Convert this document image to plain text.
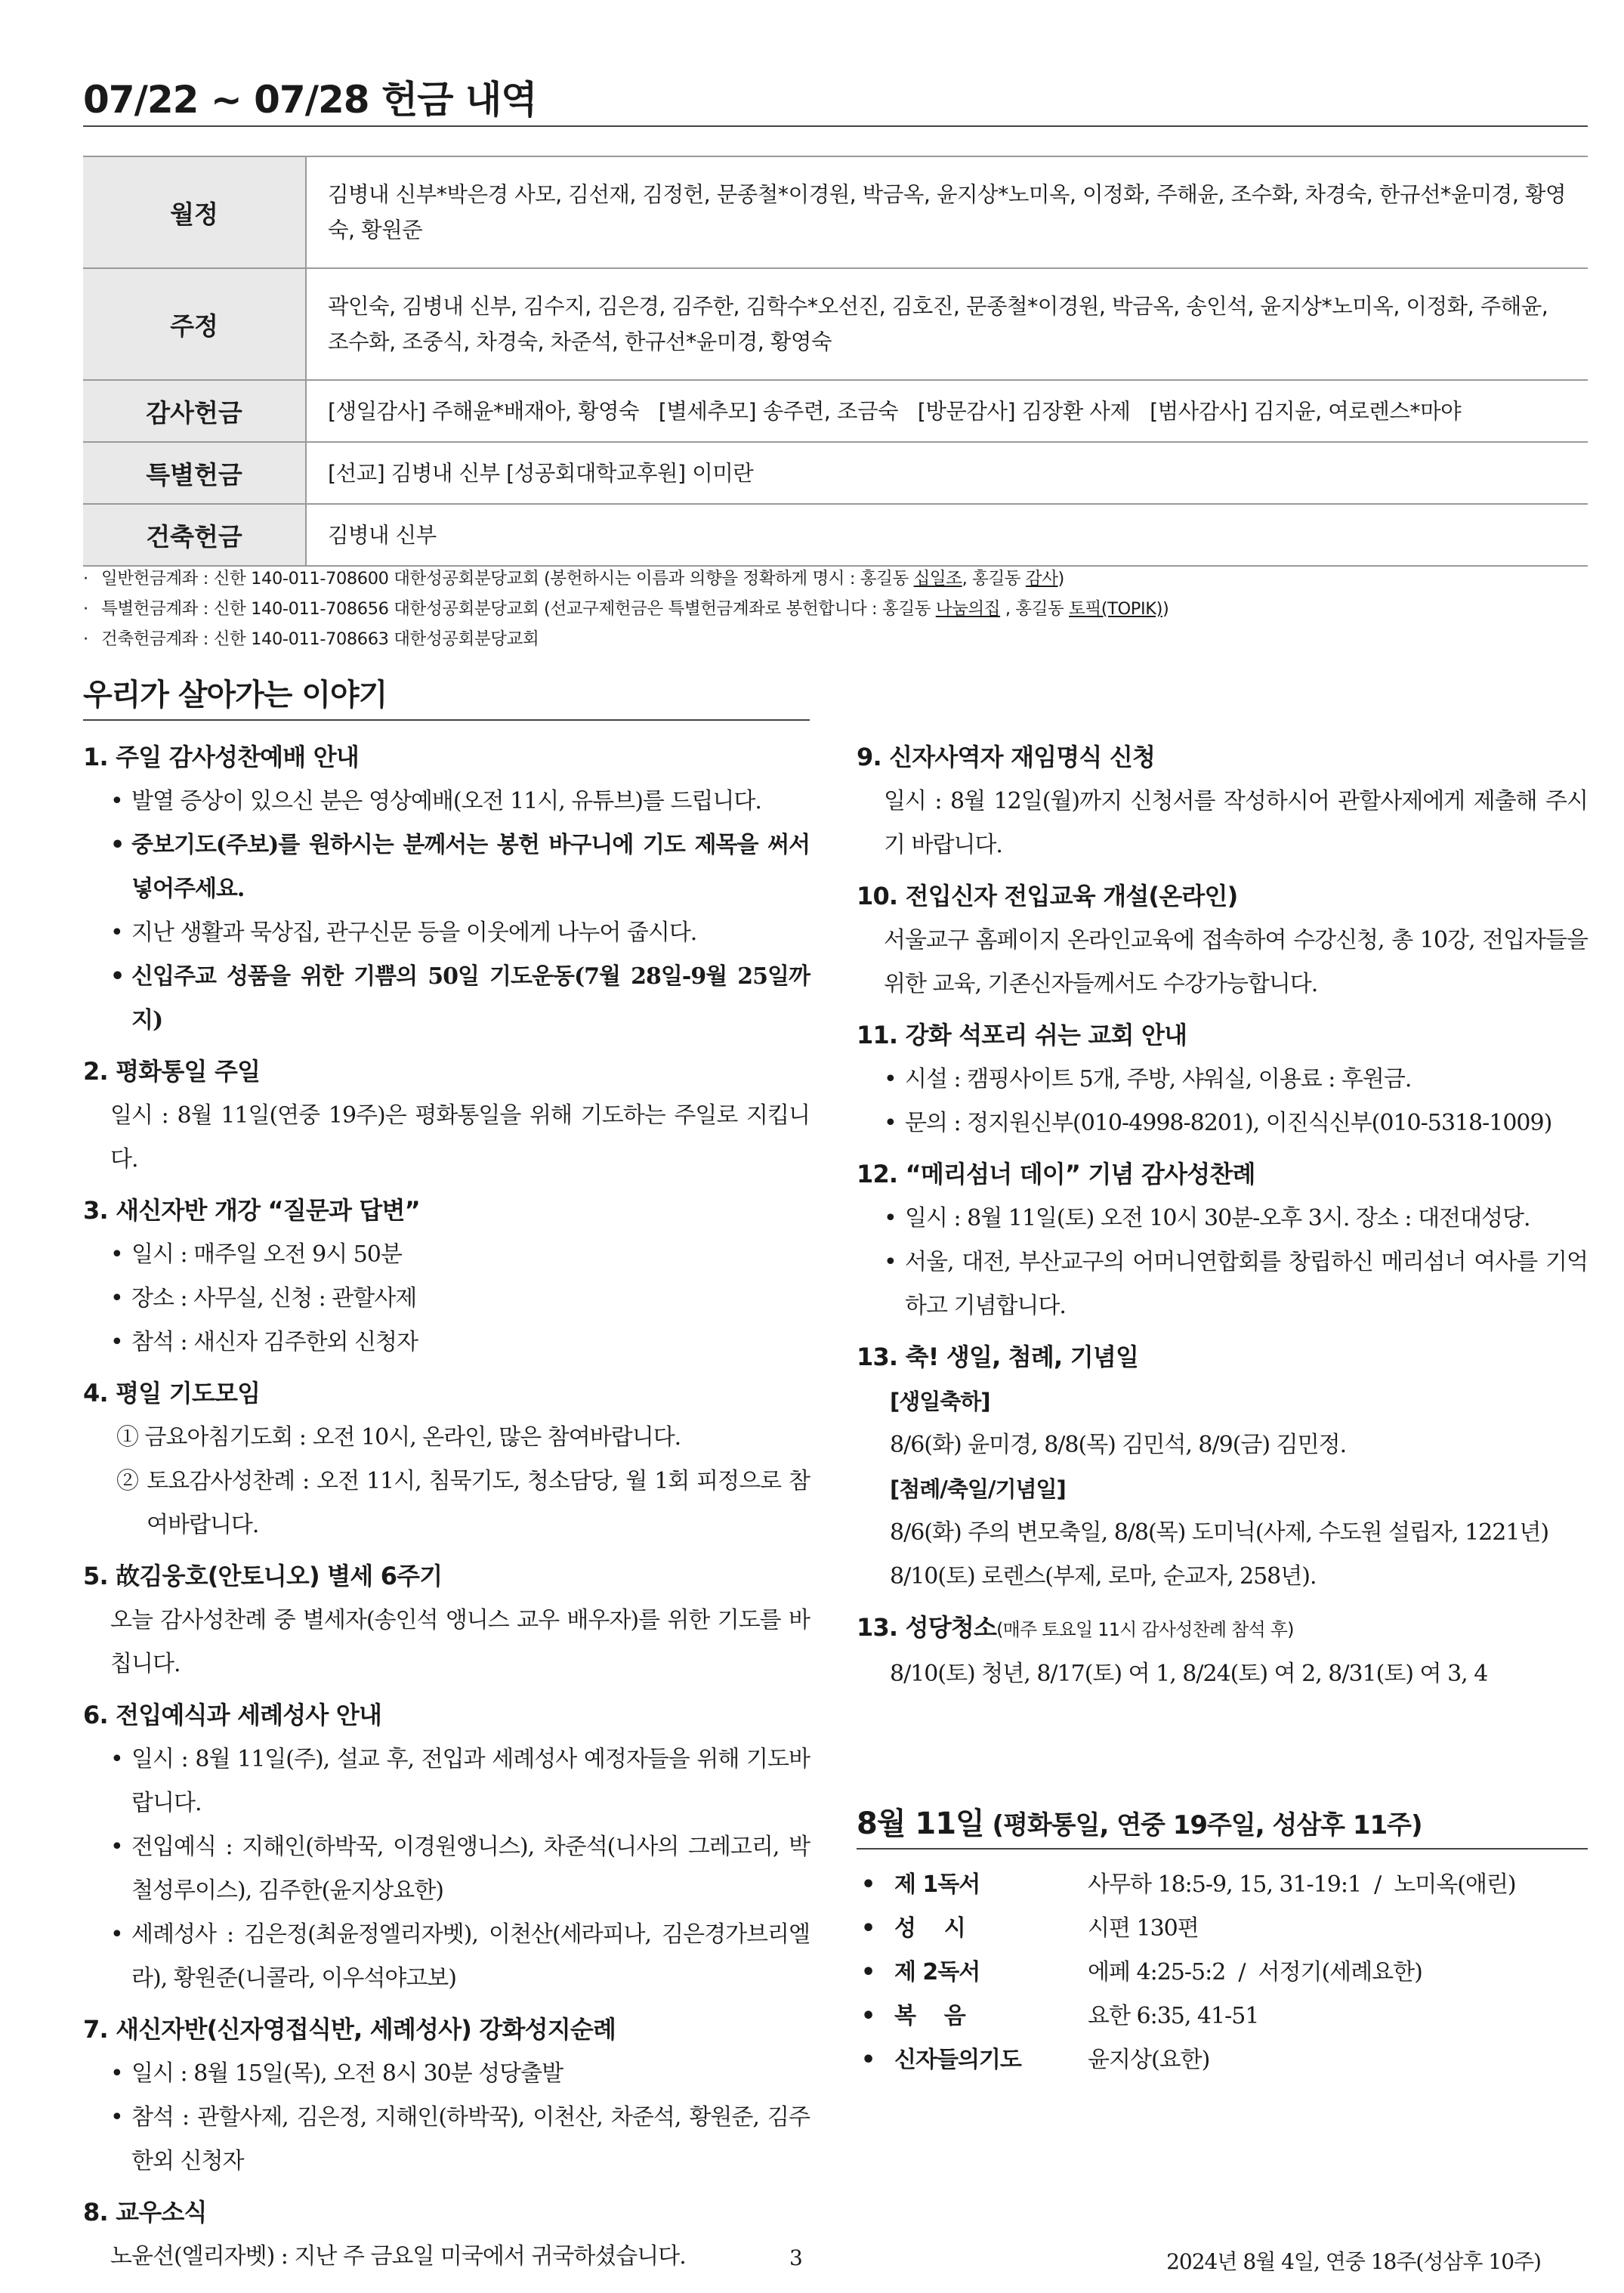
07/22 ~ 07/28 헌금 내역
월정	김병내 신부*박은경 사모, 김선재, 김정헌, 문종철*이경원, 박금옥, 윤지상*노미옥, 이정화, 주해윤, 조수화, 차경숙, 한규선*윤미경, 황영숙, 황원준
주정	곽인숙, 김병내 신부, 김수지, 김은경, 김주한, 김학수*오선진, 김호진, 문종철*이경원, 박금옥, 송인석, 윤지상*노미옥, 이정화, 주해윤, 조수화, 조중식, 차경숙, 차준석, 한규선*윤미경, 황영숙
감사헌금	[생일감사] 주해윤*배재아, 황영숙 [별세추모] 송주련, 조금숙 [방문감사] 김장환 사제 [범사감사] 김지윤, 여로렌스*마야
특별헌금	[선교] 김병내 신부 [성공회대학교후원] 이미란
건축헌금	김병내 신부
· 일반헌금계좌 : 신한 140-011-708600 대한성공회분당교회 (봉헌하시는 이름과 의향을 정확하게 명시 : 홍길동 십일조, 홍길동 감사)
· 특별헌금계좌 : 신한 140-011-708656 대한성공회분당교회 (선교구제헌금은 특별헌금계좌로 봉헌합니다 : 홍길동 나눔의집 , 홍길동 토픽(TOPIK))
· 건축헌금계좌 : 신한 140-011-708663 대한성공회분당교회
우리가 살아가는 이야기
1. 주일 감사성찬예배 안내

• 발열 증상이 있으신 분은 영상예배(오전 11시, 유튜브)를 드립니다.

• 중보기도(주보)를 원하시는 분께서는 봉헌 바구니에 기도 제목을 써서 넣어주세요.

• 지난 생활과 묵상집, 관구신문 등을 이웃에게 나누어 줍시다.

• 신입주교 성품을 위한 기쁨의 50일 기도운동(7월 28일-9월 25일까지)

2. 평화통일 주일

일시 : 8월 11일(연중 19주)은 평화통일을 위해 기도하는 주일로 지킵니다.

3. 새신자반 개강 “질문과 답변”

• 일시 : 매주일 오전 9시 50분

• 장소 : 사무실, 신청 : 관할사제

• 참석 : 새신자 김주한외 신청자

4. 평일 기도모임

① 금요아침기도회 : 오전 10시, 온라인, 많은 참여바랍니다.

② 토요감사성찬례 : 오전 11시, 침묵기도, 청소담당, 월 1회 피정으로 참여바랍니다.

5. 故김웅호(안토니오) 별세 6주기

오늘 감사성찬례 중 별세자(송인석 앵니스 교우 배우자)를 위한 기도를 바칩니다.

6. 전입예식과 세례성사 안내

• 일시 : 8월 11일(주), 설교 후, 전입과 세례성사 예정자들을 위해 기도바랍니다.

• 전입예식 : 지해인(하박꾹, 이경원앵니스), 차준석(니사의 그레고리, 박철성루이스), 김주한(윤지상요한)

• 세례성사 : 김은정(최윤정엘리자벳), 이천산(세라피나, 김은경가브리엘라), 황원준(니콜라, 이우석야고보)

7. 새신자반(신자영접식반, 세례성사) 강화성지순례

• 일시 : 8월 15일(목), 오전 8시 30분 성당출발

• 참석 : 관할사제, 김은정, 지해인(하박꾹), 이천산, 차준석, 황원준, 김주한외 신청자

8. 교우소식

노윤선(엘리자벳) : 지난 주 금요일 미국에서 귀국하셨습니다.

9. 신자사역자 재임명식 신청

일시 : 8월 12일(월)까지 신청서를 작성하시어 관할사제에게 제출해 주시기 바랍니다.

10. 전입신자 전입교육 개설(온라인)

서울교구 홈페이지 온라인교육에 접속하여 수강신청, 총 10강, 전입자들을 위한 교육, 기존신자들께서도 수강가능합니다.

11. 강화 석포리 쉬는 교회 안내

• 시설 : 캠핑사이트 5개, 주방, 샤워실, 이용료 : 후원금.

• 문의 : 정지원신부(010-4998-8201), 이진식신부(010-5318-1009)

12. “메리섬너 데이” 기념 감사성찬례

• 일시 : 8월 11일(토) 오전 10시 30분-오후 3시. 장소 : 대전대성당.

• 서울, 대전, 부산교구의 어머니연합회를 창립하신 메리섬너 여사를 기억하고 기념합니다.

13. 축! 생일, 첨례, 기념일

[생일축하]

8/6(화) 윤미경, 8/8(목) 김민석, 8/9(금) 김민정.

[첨례/축일/기념일]

8/6(화) 주의 변모축일, 8/8(목) 도미닉(사제, 수도원 설립자, 1221년)

8/10(토) 로렌스(부제, 로마, 순교자, 258년).

13. 성당청소(매주 토요일 11시 감사성찬례 참석 후)

8/10(토) 청년, 8/17(토) 여 1, 8/24(토) 여 2, 8/31(토) 여 3, 4

8월 11일 (평화통일, 연중 19주일, 성삼후 11주)
• 제 1독서	사무하 18:5-9, 15, 31-19:1  /  노미옥(애린)
• 성    시	시편 130편
• 제 2독서	에페 4:25-5:2  /  서정기(세례요한)
• 복    음	요한 6:35, 41-51
• 신자들의기도	윤지상(요한)
3	2024년 8월 4일, 연중 18주(성삼후 10주)
